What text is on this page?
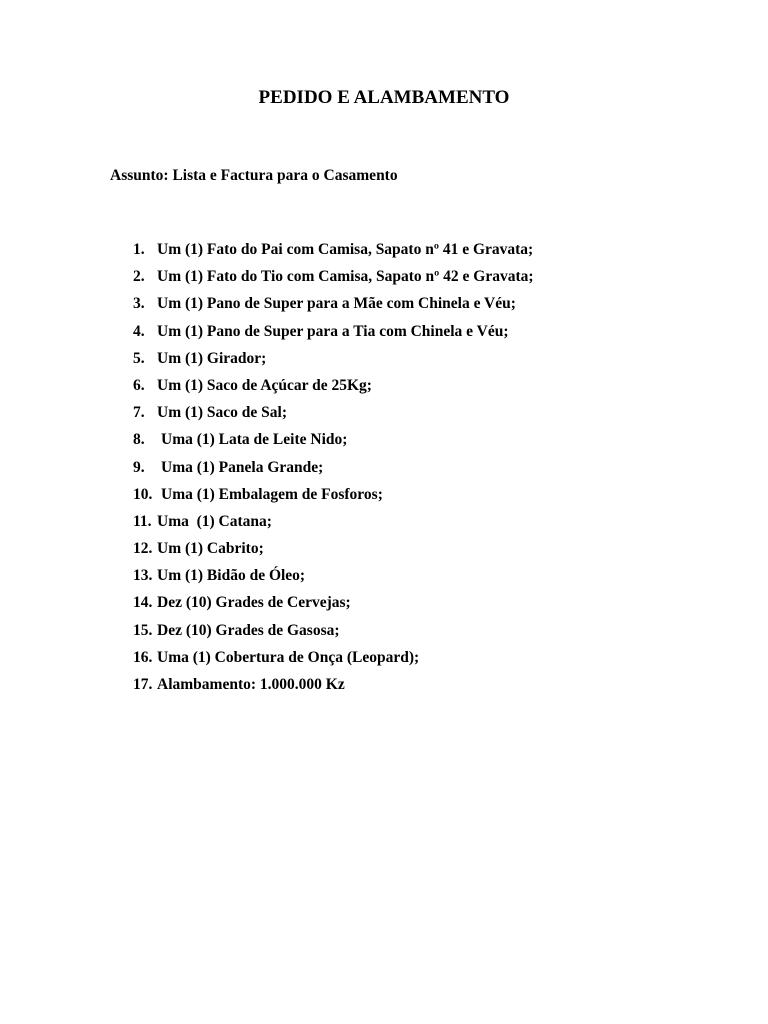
PEDIDO E ALAMBAMENTO

Assunto: Lista e Factura para o Casamento

1.

Um (1) Fato do Pai com Camisa, Sapato nº 41 e Gravata;

2.

Um (1) Fato do Tio com Camisa, Sapato nº 42 e Gravata;

3.

Um (1) Pano de Super para a Mãe com Chinela e Véu;

4.

Um (1) Pano de Super para a Tia com Chinela e Véu;

5.

Um (1) Girador;

6.

Um (1) Saco de Açúcar de 25Kg;

7.

Um (1) Saco de Sal;

8.

Uma (1) Lata de Leite Nido;

9.

Uma (1) Panela Grande;

10.

Uma (1) Embalagem de Fosforos;

11.

Uma  (1) Catana;

12.

Um (1) Cabrito;

13.

Um (1) Bidão de Óleo;

14.

Dez (10) Grades de Cervejas;

15.

Dez (10) Grades de Gasosa;

16.

Uma (1) Cobertura de Onça (Leopard);

17.

Alambamento: 1.000.000 Kz
